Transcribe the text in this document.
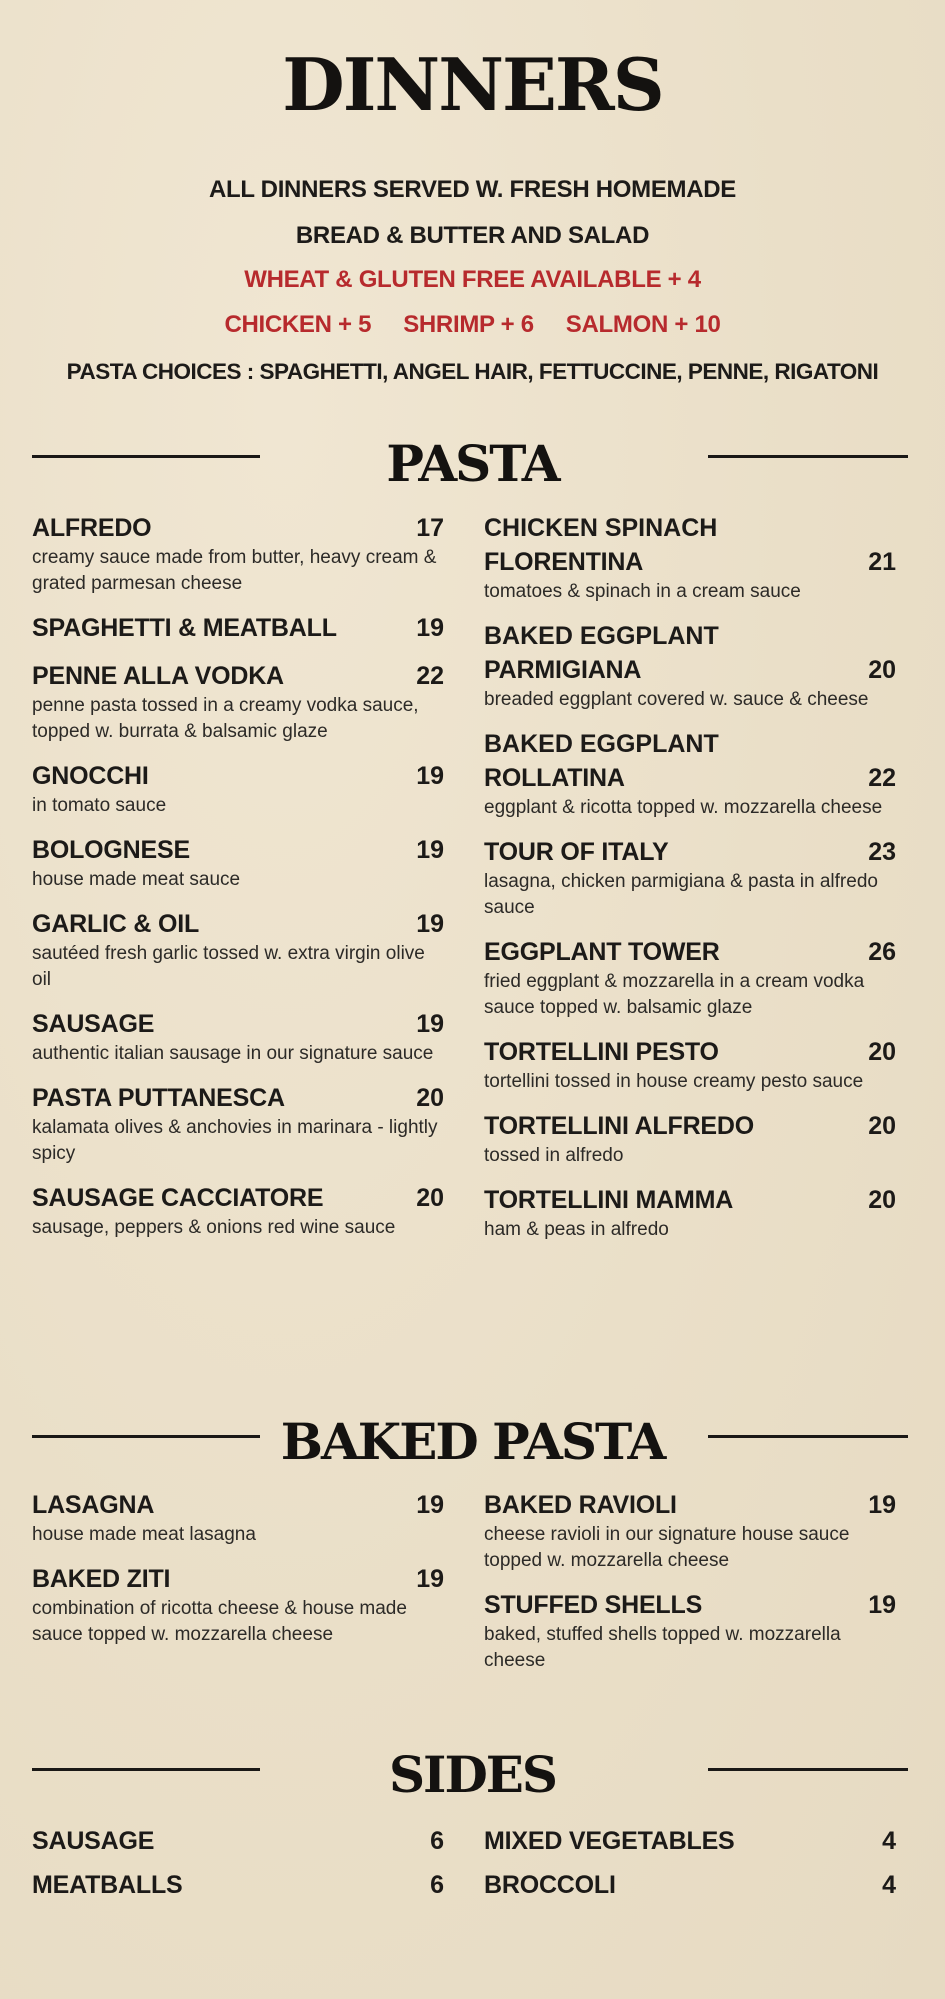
DINNERS
ALL DINNERS SERVED W. FRESH HOMEMADE
BREAD & BUTTER AND SALAD
WHEAT & GLUTEN FREE AVAILABLE + 4
CHICKEN + 5 SHRIMP + 6 SALMON + 10
PASTA CHOICES : SPAGHETTI, ANGEL HAIR, FETTUCCINE, PENNE, RIGATONI
PASTA
ALFREDO	17
creamy sauce made from butter, heavy cream & grated parmesan cheese
SPAGHETTI & MEATBALL	19
PENNE ALLA VODKA	22
penne pasta tossed in a creamy vodka sauce, topped w. burrata & balsamic glaze
GNOCCHI	19
in tomato sauce
BOLOGNESE	19
house made meat sauce
GARLIC & OIL	19
sautéed fresh garlic tossed w. extra virgin olive oil
SAUSAGE	19
authentic italian sausage in our signature sauce
PASTA PUTTANESCA	20
kalamata olives & anchovies in marinara - lightly spicy
SAUSAGE CACCIATORE	20
sausage, peppers & onions red wine sauce
CHICKEN SPINACH
FLORENTINA	21
tomatoes & spinach in a cream sauce
BAKED EGGPLANT
PARMIGIANA	20
breaded eggplant covered w. sauce & cheese
BAKED EGGPLANT
ROLLATINA	22
eggplant & ricotta topped w. mozzarella cheese
TOUR OF ITALY	23
lasagna, chicken parmigiana & pasta in alfredo sauce
EGGPLANT TOWER	26
fried eggplant & mozzarella in a cream vodka sauce topped w. balsamic glaze
TORTELLINI PESTO	20
tortellini tossed in house creamy pesto sauce
TORTELLINI ALFREDO	20
tossed in alfredo
TORTELLINI MAMMA	20
ham & peas in alfredo
BAKED PASTA
LASAGNA	19
house made meat lasagna
BAKED ZITI	19
combination of ricotta cheese & house made sauce topped w. mozzarella cheese
BAKED RAVIOLI	19
cheese ravioli in our signature house sauce topped w. mozzarella cheese
STUFFED SHELLS	19
baked, stuffed shells topped w. mozzarella cheese
SIDES
SAUSAGE	6
MEATBALLS	6
MIXED VEGETABLES	4
BROCCOLI	4
